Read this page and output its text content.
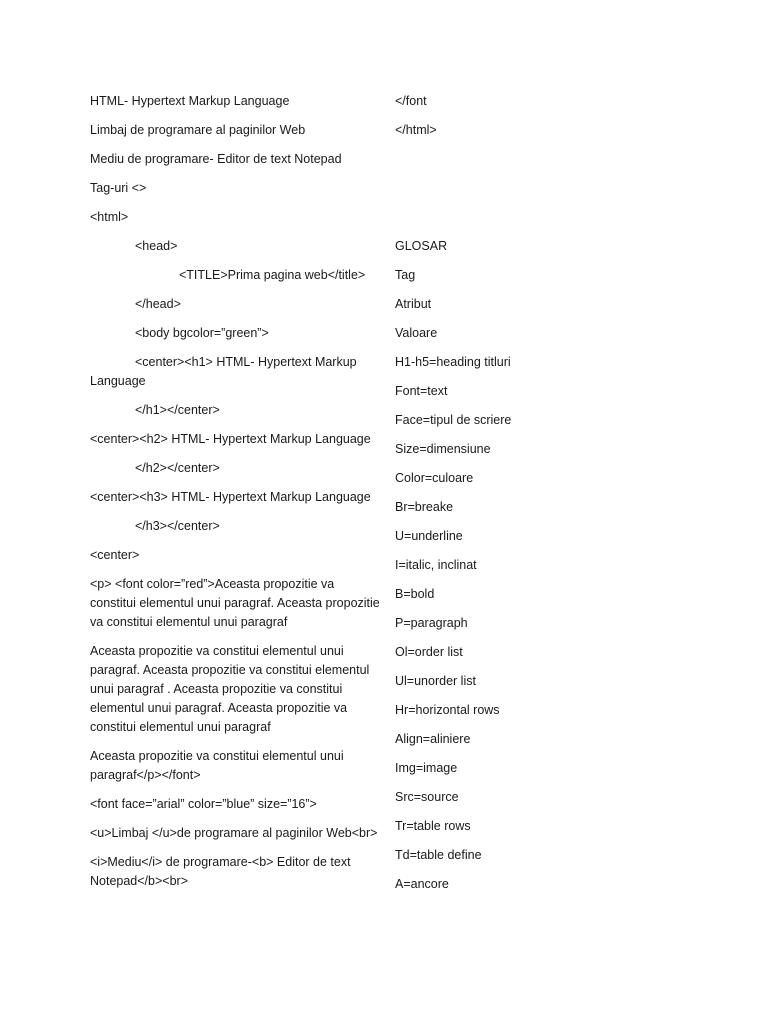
HTML- Hypertext Markup Language

Limbaj de programare al paginilor Web

Mediu de programare- Editor de text Notepad

Tag-uri <>

<html>

<head>

<TITLE>Prima pagina web</title>

</head>

<body bgcolor=”green”>

<center><h1> HTML- Hypertext Markup Language

</h1></center>

<center><h2> HTML- Hypertext Markup Language

</h2></center>

<center><h3> HTML- Hypertext Markup Language

</h3></center>

<center>

<p> <font color=”red”>Aceasta propozitie va constitui elementul unui paragraf. Aceasta propozitie va constitui elementul unui paragraf

Aceasta propozitie va constitui elementul unui paragraf. Aceasta propozitie va constitui elementul unui paragraf . Aceasta propozitie va constitui elementul unui paragraf. Aceasta propozitie va constitui elementul unui paragraf

Aceasta propozitie va constitui elementul unui paragraf</p></font>

<font face=”arial” color=”blue” size=”16”>

<u>Limbaj </u>de programare al paginilor Web<br>

<i>Mediu</i> de programare-<b> Editor de text Notepad</b><br>

</font

</html>

GLOSAR

Tag

Atribut

Valoare

H1-h5=heading titluri

Font=text

Face=tipul de scriere

Size=dimensiune

Color=culoare

Br=breake

U=underline

I=italic, inclinat

B=bold

P=paragraph

Ol=order list

Ul=unorder list

Hr=horizontal rows

Align=aliniere

Img=image

Src=source

Tr=table rows

Td=table define

A=ancore
